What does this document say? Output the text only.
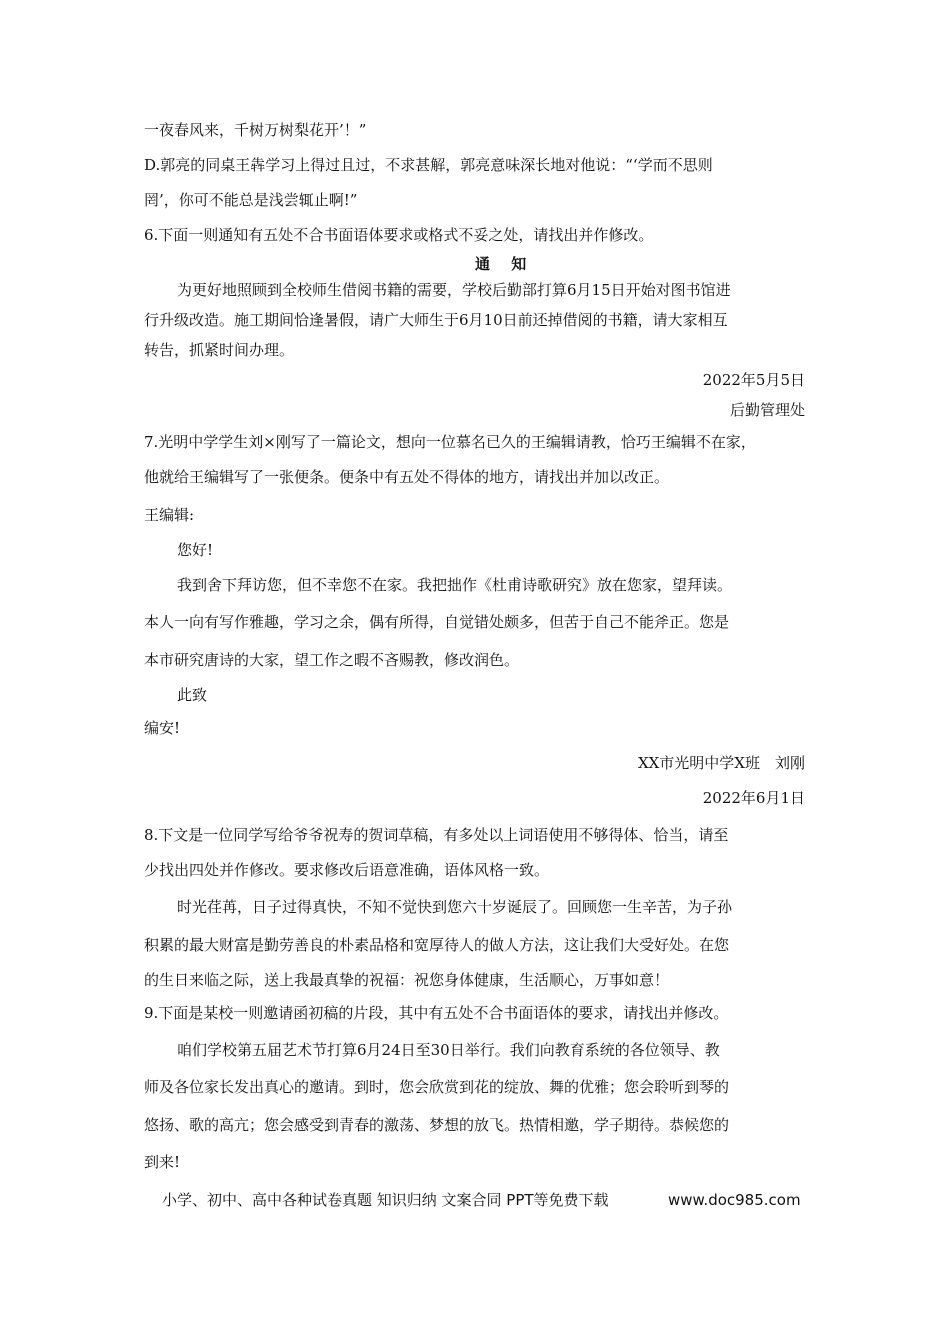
一夜春风来，千树万树梨花开’！”
D.郭亮的同桌王犇学习上得过且过，不求甚解，郭亮意味深长地对他说：“‘学而不思则
罔’，你可不能总是浅尝辄止啊!”
6.下面一则通知有五处不合书面语体要求或格式不妥之处，请找出并作修改。
通 知
为更好地照顾到全校师生借阅书籍的需要，学校后勤部打算6月15日开始对图书馆进
行升级改造。施工期间恰逢暑假，请广大师生于6月10日前还掉借阅的书籍，请大家相互
转告，抓紧时间办理。
2022年5月5日
后勤管理处
7.光明中学学生刘×刚写了一篇论文，想向一位慕名已久的王编辑请教，恰巧王编辑不在家，
他就给王编辑写了一张便条。便条中有五处不得体的地方，请找出并加以改正。
王编辑:
您好!
我到舍下拜访您，但不幸您不在家。我把拙作《杜甫诗歌研究》放在您家，望拜读。
本人一向有写作雅趣，学习之余，偶有所得，自觉错处颇多，但苦于自己不能斧正。您是
本市研究唐诗的大家，望工作之暇不吝赐教，修改润色。
此致
编安!
XX市光明中学X班　刘刚
2022年6月1日
8.下文是一位同学写给爷爷祝寿的贺词草稿，有多处以上词语使用不够得体、恰当，请至
少找出四处并作修改。要求修改后语意准确，语体风格一致。
时光荏苒，日子过得真快，不知不觉快到您六十岁诞辰了。回顾您一生辛苦，为子孙
积累的最大财富是勤劳善良的朴素品格和宽厚待人的做人方法，这让我们大受好处。在您
的生日来临之际，送上我最真挚的祝福：祝您身体健康，生活顺心，万事如意！
9.下面是某校一则邀请函初稿的片段，其中有五处不合书面语体的要求，请找出并修改。
咱们学校第五届艺术节打算6月24日至30日举行。我们向教育系统的各位领导、教
师及各位家长发出真心的邀请。到时，您会欣赏到花的绽放、舞的优雅；您会聆听到琴的
悠扬、歌的高亢；您会感受到青春的激荡、梦想的放飞。热情相邀，学子期待。恭候您的
到来!
小学、初中、高中各种试卷真题 知识归纳 文案合同 PPT等免费下载	www.doc985.com
